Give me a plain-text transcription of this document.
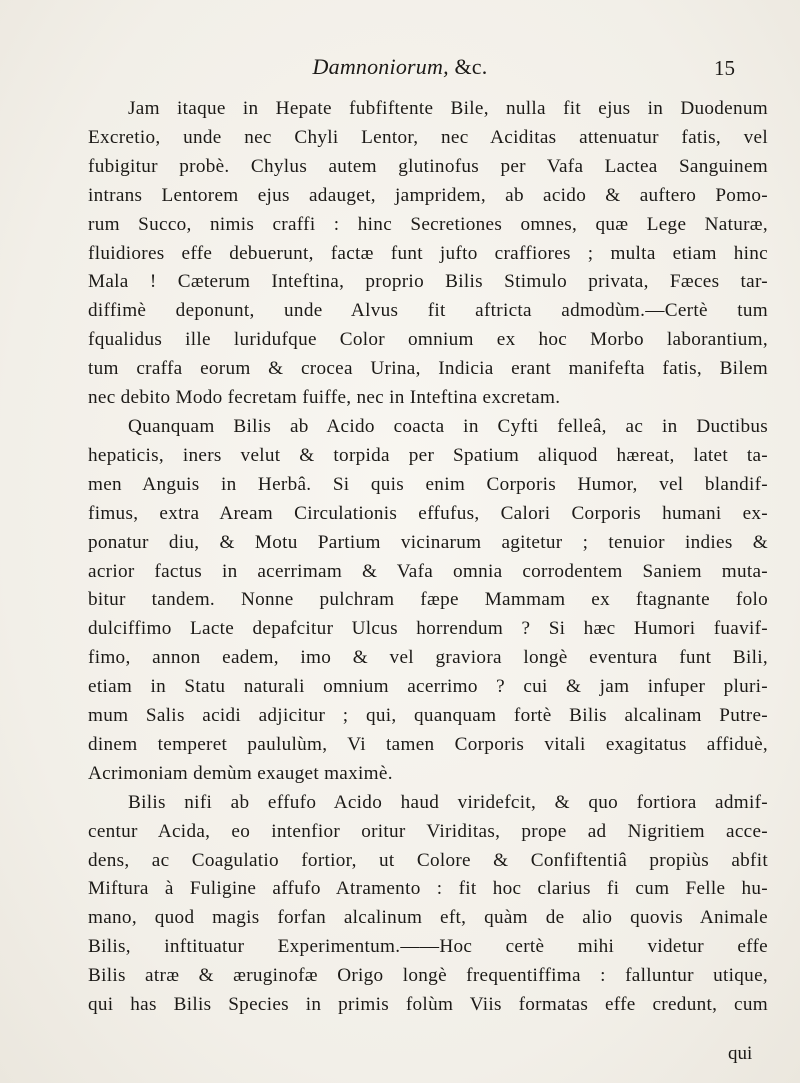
Damnoniorum, &c.	15

Jam itaque in Hepate fubfiftente Bile, nulla fit ejus in Duodenum
Excretio, unde nec Chyli Lentor, nec Aciditas attenuatur fatis, vel
fubigitur probè. Chylus autem glutinofus per Vafa Lactea Sanguinem
intrans Lentorem ejus adauget, jampridem, ab acido & auftero Pomo-
rum Succo, nimis craffi : hinc Secretiones omnes, quæ Lege Naturæ,
fluidiores effe debuerunt, factæ funt jufto craffiores ; multa etiam hinc
Mala ! Cæterum Inteftina, proprio Bilis Stimulo privata, Fæces tar-
diffimè deponunt, unde Alvus fit aftricta admodùm.—Certè tum
fqualidus ille luridufque Color omnium ex hoc Morbo laborantium,
tum craffa eorum & crocea Urina, Indicia erant manifefta fatis, Bilem
nec debito Modo fecretam fuiffe, nec in Inteftina excretam.

Quanquam Bilis ab Acido coacta in Cyfti felleâ, ac in Ductibus
hepaticis, iners velut & torpida per Spatium aliquod hæreat, latet ta-
men Anguis in Herbâ. Si quis enim Corporis Humor, vel blandif-
fimus, extra Aream Circulationis effufus, Calori Corporis humani ex-
ponatur diu, & Motu Partium vicinarum agitetur ; tenuior indies &
acrior factus in acerrimam & Vafa omnia corrodentem Saniem muta-
bitur tandem. Nonne pulchram fæpe Mammam ex ftagnante folo
dulciffimo Lacte depafcitur Ulcus horrendum ? Si hæc Humori fuavif-
fimo, annon eadem, imo & vel graviora longè eventura funt Bili,
etiam in Statu naturali omnium acerrimo ? cui & jam infuper pluri-
mum Salis acidi adjicitur ; qui, quanquam fortè Bilis alcalinam Putre-
dinem temperet paululùm, Vi tamen Corporis vitali exagitatus affiduè,
Acrimoniam demùm exauget maximè.

Bilis nifi ab effufo Acido haud viridefcit, & quo fortiora admif-
centur Acida, eo intenfior oritur Viriditas, prope ad Nigritiem acce-
dens, ac Coagulatio fortior, ut Colore & Confiftentiâ propiùs abfit
Miftura à Fuligine affufo Atramento : fit hoc clarius fi cum Felle hu-
mano, quod magis forfan alcalinum eft, quàm de alio quovis Animale
Bilis, inftituatur Experimentum.——Hoc certè mihi videtur effe
Bilis atræ & æruginofæ Origo longè frequentiffima : falluntur utique,
qui has Bilis Species in primis folùm Viis formatas effe credunt, cum

qui
